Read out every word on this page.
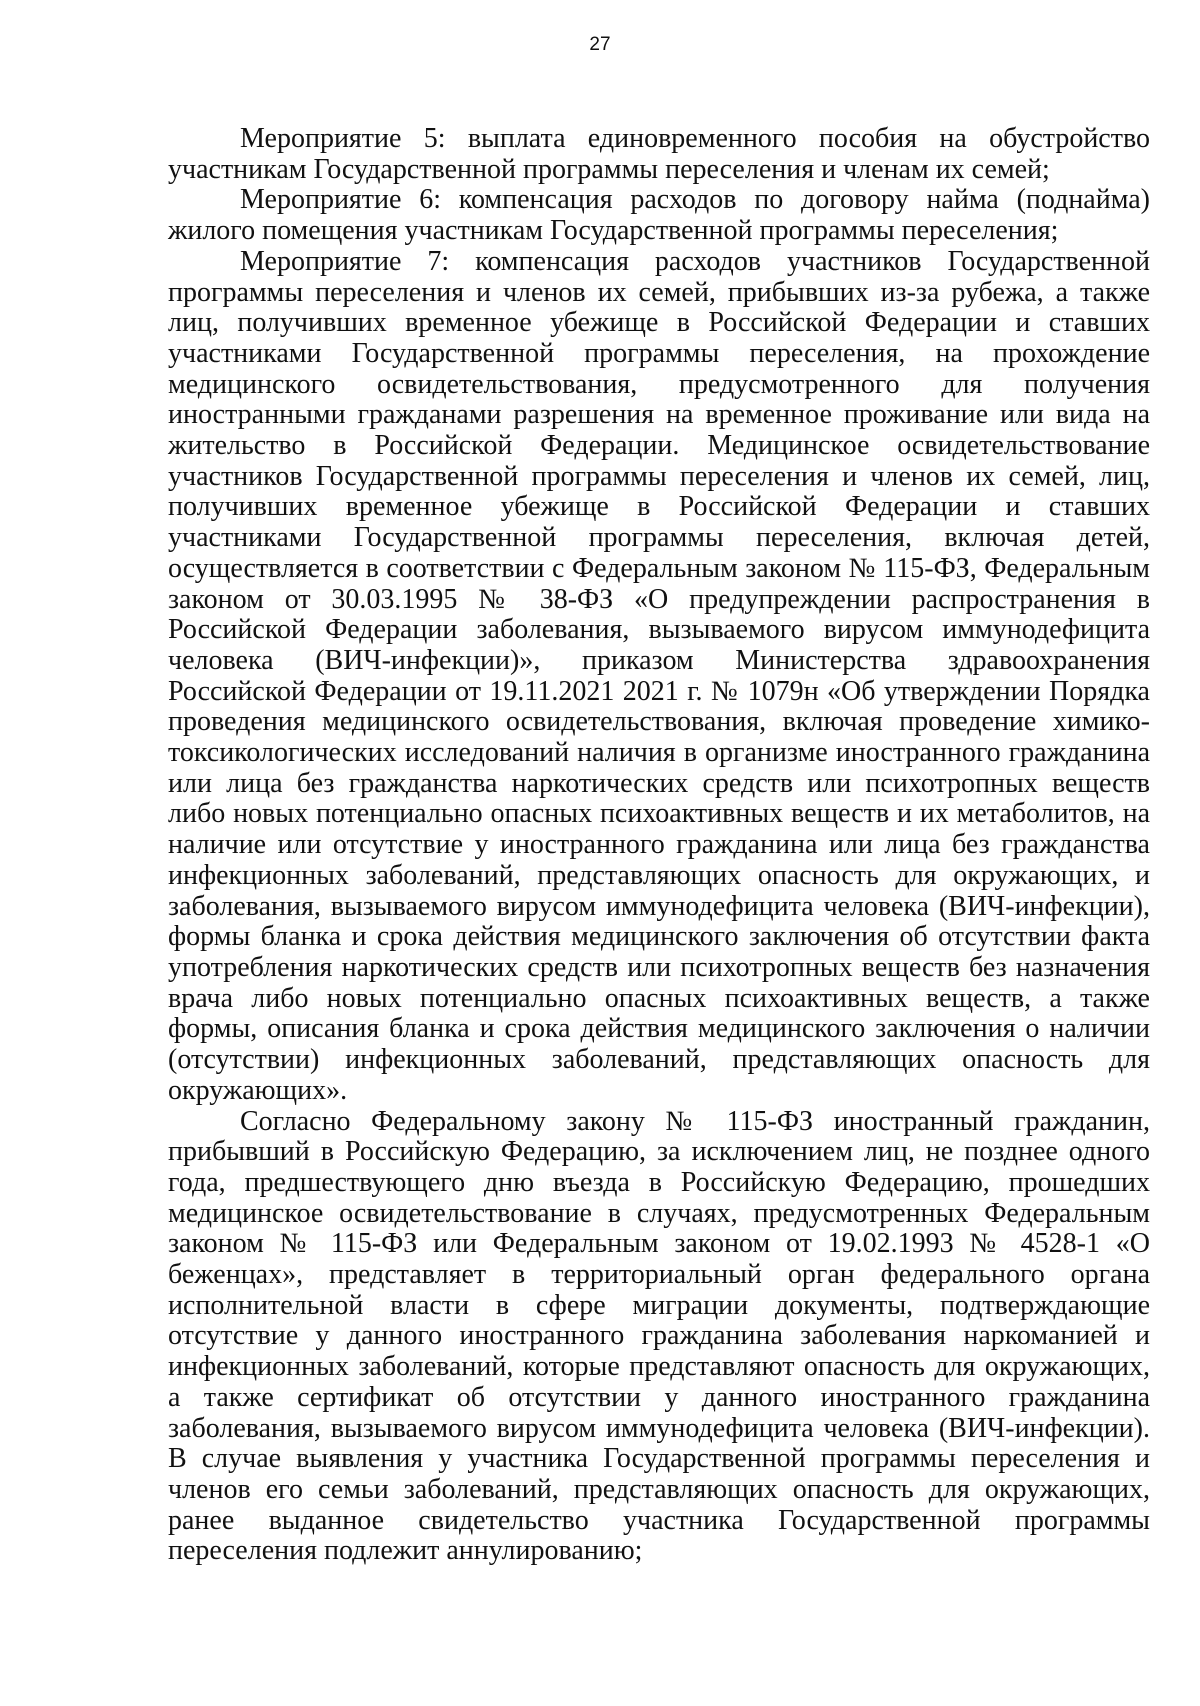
27

Мероприятие 5: выплата единовременного пособия на обустройство участникам Государственной программы переселения и членам их семей;

Мероприятие 6: компенсация расходов по договору найма (поднайма) жилого помещения участникам Государственной программы переселения;

Мероприятие 7: компенсация расходов участников Государственной программы переселения и членов их семей, прибывших из-за рубежа, а также лиц, получивших временное убежище в Российской Федерации и ставших участниками Государственной программы переселения, на прохождение медицинского освидетельствования, предусмотренного для получения иностранными гражданами разрешения на временное проживание или вида на жительство в Российской Федерации. Медицинское освидетельствование участников Государственной программы переселения и членов их семей, лиц, получивших временное убежище в Российской Федерации и ставших участниками Государственной программы переселения, включая детей, осуществляется в соответствии с Федеральным законом № 115-ФЗ, Федеральным законом от 30.03.1995 № 38-ФЗ «О предупреждении распространения в Российской Федерации заболевания, вызываемого вирусом иммунодефицита человека (ВИЧ-инфекции)», приказом Министерства здравоохранения Российской Федерации от 19.11.2021 2021 г. № 1079н «Об утверждении Порядка проведения медицинского освидетельствования, включая проведение химико-токсикологических исследований наличия в организме иностранного гражданина или лица без гражданства наркотических средств или психотропных веществ либо новых потенциально опасных психоактивных веществ и их метаболитов, на наличие или отсутствие у иностранного гражданина или лица без гражданства инфекционных заболеваний, представляющих опасность для окружающих, и заболевания, вызываемого вирусом иммунодефицита человека (ВИЧ-инфекции), формы бланка и срока действия медицинского заключения об отсутствии факта употребления наркотических средств или психотропных веществ без назначения врача либо новых потенциально опасных психоактивных веществ, а также формы, описания бланка и срока действия медицинского заключения о наличии (отсутствии) инфекционных заболеваний, представляющих опасность для окружающих».

Согласно Федеральному закону № 115-ФЗ иностранный гражданин, прибывший в Российскую Федерацию, за исключением лиц, не позднее одного года, предшествующего дню въезда в Российскую Федерацию, прошедших медицинское освидетельствование в случаях, предусмотренных Федеральным законом № 115-ФЗ или Федеральным законом от 19.02.1993 № 4528-1 «О беженцах», представляет в территориальный орган федерального органа исполнительной власти в сфере миграции документы, подтверждающие отсутствие у данного иностранного гражданина заболевания наркоманией и инфекционных заболеваний, которые представляют опасность для окружающих, а также сертификат об отсутствии у данного иностранного гражданина заболевания, вызываемого вирусом иммунодефицита человека (ВИЧ-инфекции). В случае выявления у участника Государственной программы переселения и членов его семьи заболеваний, представляющих опасность для окружающих, ранее выданное свидетельство участника Государственной программы переселения подлежит аннулированию;
